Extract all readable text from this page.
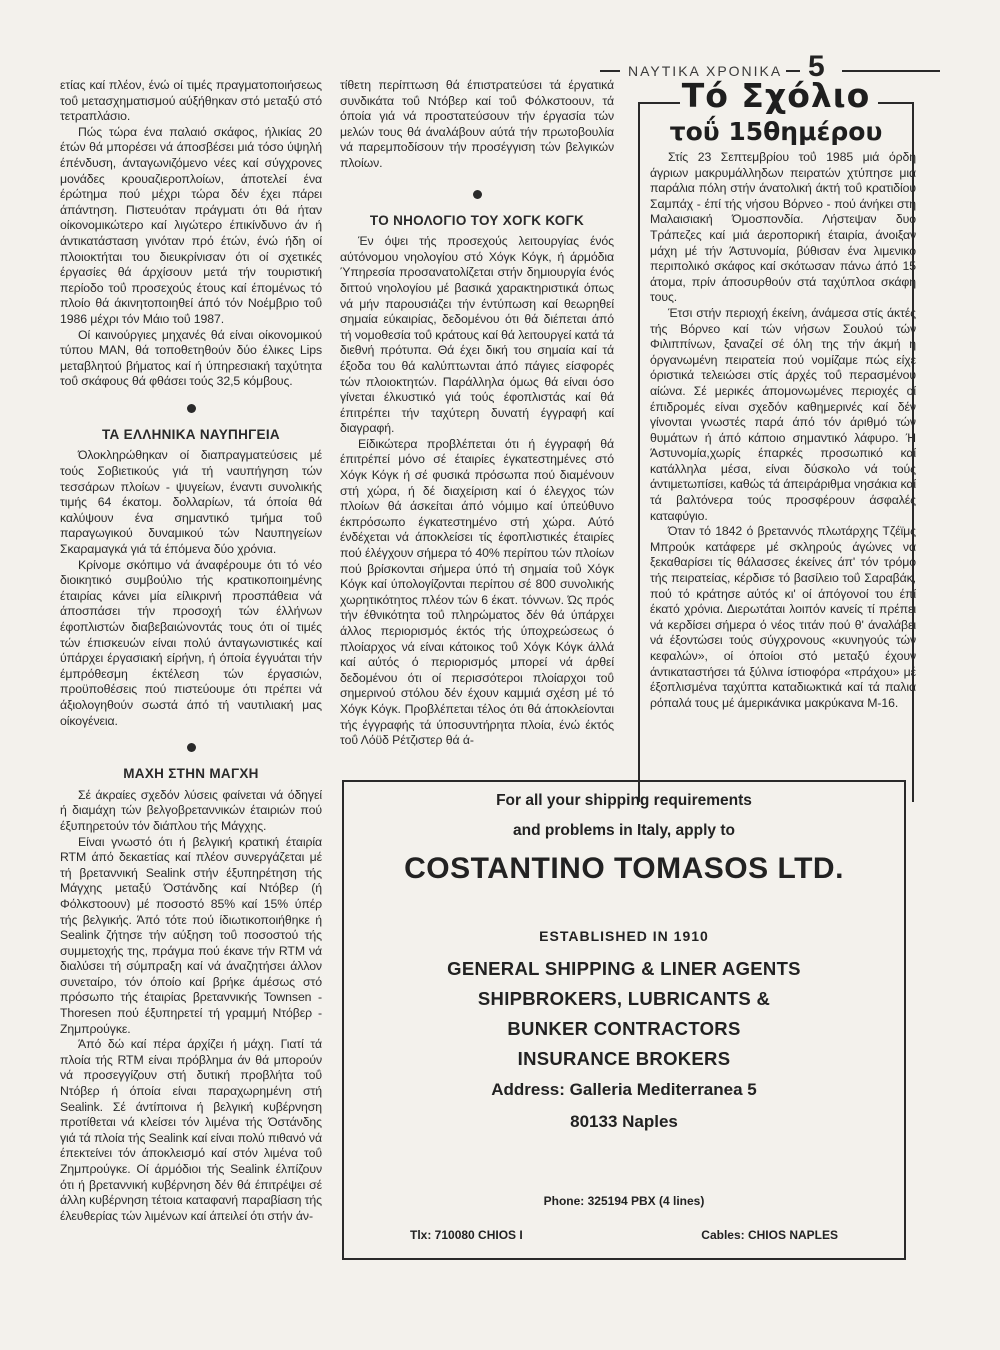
ΝΑΥΤΙΚΑ ΧΡΟΝΙΚΑ 5

ετίας καί πλέον, ένώ οί τιμές πραγματοποιήσεως τοΰ μετασχηματισμού αύξήθηκαν στό μεταξύ στό τετραπλάσιο.

Πώς τώρα ένα παλαιό σκάφος, ήλικίας 20 έτών θά μπορέσει νά άποσβέσει μιά τόσο ύψηλή έπένδυση, άνταγωνιζόμενο νέες καί σύγχρονες μονάδες κρουαζιεροπλοίων, άποτελεί ένα έρώτημα πού μέχρι τώρα δέν έχει πάρει άπάντηση. Πιστευόταν πράγματι ότι θά ήταν οίκονομικώτερο καί λιγώτερο έπικίνδυνο άν ή άντικατάσταση γινόταν πρό έτών, ένώ ήδη οί πλοιοκτήται του διευκρίνισαν ότι οί σχετικές έργασίες θά άρχίσουν μετά τήν τουριστική περίοδο τοΰ προσεχούς έτους καί έπομένως τό πλοίο θά άκινητοποιηθεί άπό τόν Νοέμβριο τοΰ 1986 μέχρι τόν Μάιο τοΰ 1987.

Οί καινούργιες μηχανές θά είναι οίκονομικού τύπου MAN, θά τοποθετηθούν δύο έλικες Lips μεταβλητού βήματος καί ή ύπηρεσιακή ταχύτητα τοΰ σκάφους θά φθάσει τούς 32,5 κόμβους.

ΤΑ ΕΛΛΗΝΙΚΑ ΝΑΥΠΗΓΕΙΑ

Όλοκληρώθηκαν οί διαπραγματεύσεις μέ τούς Σοβιετικούς γιά τή ναυπήγηση τών τεσσάρων πλοίων - ψυγείων, έναντι συνολικής τιμής 64 έκατομ. δολλαρίων, τά όποία θά καλύψουν ένα σημαντικό τμήμα τοΰ παραγωγικού δυναμικού τών Ναυπηγείων Σκαραμαγκά γιά τά έπόμενα δύο χρόνια.

Κρίνομε σκόπιμο νά άναφέρουμε ότι τό νέο διοικητικό συμβούλιο τής κρατικοποιημένης έταιρίας κάνει μία είλικρινή προσπάθεια νά άποσπάσει τήν προσοχή τών έλλήνων έφοπλιστών διαβεβαιώνοντάς τους ότι οί τιμές τών έπισκευών είναι πολύ άνταγωνιστικές καί ύπάρχει έργασιακή είρήνη, ή όποία έγγυάται τήν έμπρόθεσμη έκτέλεση τών έργασιών, προϋποθέσεις πού πιστεύουμε ότι πρέπει νά άξιολογηθούν σωστά άπό τή ναυτιλιακή μας οίκογένεια.

ΜΑΧΗ ΣΤΗΝ ΜΑΓΧΗ

Σέ άκραίες σχεδόν λύσεις φαίνεται νά όδηγεί ή διαμάχη τών βελγοβρεταννικών έταιριών πού έξυπηρετούν τόν διάπλου τής Μάγχης.

Είναι γνωστό ότι ή βελγική κρατική έταιρία RTM άπό δεκαετίας καί πλέον συνεργάζεται μέ τή βρεταννική Sealink στήν έξυπηρέτηση τής Μάγχης μεταξύ Όστάνδης καί Ντόβερ (ή Φόλκστοουν) μέ ποσοστό 85% καί 15% ύπέρ τής βελγικής. Άπό τότε πού ίδιωτικοποιήθηκε ή Sealink ζήτησε τήν αύξηση τοΰ ποσοστού τής συμμετοχής της, πράγμα πού έκανε τήν RTM νά διαλύσει τή σύμπραξη καί νά άναζητήσει άλλον συνεταίρο, τόν όποίο καί βρήκε άμέσως στό πρόσωπο τής έταιρίας βρεταννικής Townsen - Thoresen πού έξυπηρετεί τή γραμμή Ντόβερ - Ζημπρούγκε.

Άπό δώ καί πέρα άρχίζει ή μάχη. Γιατί τά πλοία τής RTM είναι πρόβλημα άν θά μπορούν νά προσεγγίζουν στή δυτική προβλήτα τοΰ Ντόβερ ή όποία είναι παραχωρημένη στή Sealink. Σέ άντίποινα ή βελγική κυβέρνηση προτίθεται νά κλείσει τόν λιμένα τής Όστάνδης γιά τά πλοία τής Sealink καί είναι πολύ πιθανό νά έπεκτείνει τόν άποκλεισμό καί στόν λιμένα τοΰ Ζημπρούγκε. Οί άρμόδιοι τής Sealink έλπίζουν ότι ή βρεταννική κυβέρνηση δέν θά έπιτρέψει σέ άλλη κυβέρνηση τέτοια καταφανή παραβίαση τής έλευθερίας τών λιμένων καί άπειλεί ότι στήν άν-

τίθετη περίπτωση θά έπιστρατεύσει τά έργατικά συνδικάτα τοΰ Ντόβερ καί τοΰ Φόλκστοουν, τά όποία γιά νά προστατεύσουν τήν έργασία τών μελών τους θά άναλάβουν αύτά τήν πρωτοβουλία νά παρεμποδίσουν τήν προσέγγιση τών βελγικών πλοίων.

ΤΟ ΝΗΟΛΟΓΙΟ ΤΟΥ ΧΟΓΚ ΚΟΓΚ

Έν όψει τής προσεχούς λειτουργίας ένός αύτόνομου νηολογίου στό Χόγκ Κόγκ, ή άρμόδια Ύπηρεσία προσανατολίζεται στήν δημιουργία ένός διττού νηολογίου μέ βασικά χαρακτηριστικά όπως νά μήν παρουσιάζει τήν έντύπωση καί θεωρηθεί σημαία εύκαιρίας, δεδομένου ότι θά διέπεται άπό τή νομοθεσία τοΰ κράτους καί θά λειτουργεί κατά τά διεθνή πρότυπα. Θά έχει δική του σημαία καί τά έξοδα του θά καλύπτωνται άπό πάγιες είσφορές τών πλοιοκτητών. Παράλληλα όμως θά είναι όσο γίνεται έλκυστικό γιά τούς έφοπλιστάς καί θά έπιτρέπει τήν ταχύτερη δυνατή έγγραφή καί διαγραφή.

Είδικώτερα προβλέπεται ότι ή έγγραφή θά έπιτρέπεί μόνο σέ έταιρίες έγκατεστημένες στό Χόγκ Κόγκ ή σέ φυσικά πρόσωπα πού διαμένουν στή χώρα, ή δέ διαχείριση καί ό έλεγχος τών πλοίων θά άσκείται άπό νόμιμο καί ύπεύθυνο έκπρόσωπο έγκατεστημένο στή χώρα. Αύτό ένδέχεται νά άποκλείσει τίς έφοπλιστικές έταιρίες πού έλέγχουν σήμερα τό 40% περίπου τών πλοίων πού βρίσκονται σήμερα ύπό τή σημαία τοΰ Χόγκ Κόγκ καί ύπολογίζονται περίπου σέ 800 συνολικής χωρητικότητος πλέον τών 6 έκατ. τόννων. Ώς πρός τήν έθνικότητα τοΰ πληρώματος δέν θά ύπάρχει άλλος περιορισμός έκτός τής ύποχρεώσεως ό πλοίαρχος νά είναι κάτοικος τοΰ Χόγκ Κόγκ άλλά καί αύτός ό περιορισμός μπορεί νά άρθεί δεδομένου ότι οί περισσότεροι πλοίαρχοι τοΰ σημερινού στόλου δέν έχουν καμμιά σχέση μέ τό Χόγκ Κόγκ. Προβλέπεται τέλος ότι θά άποκλείονται τής έγγραφής τά ύποσυντήρητα πλοία, ένώ έκτός τοΰ Λόϋδ Ρέτζιστερ θά ά-

Τό Σχόλιο
τοΰ 15θημέρου

Στίς 23 Σεπτεμβρίου τοΰ 1985 μιά όρδή άγριων μακρυμάλληδων πειρατών χτύπησε μιά παράλια πόλη στήν άνατολική άκτή τοΰ κρατιδίου Σαμπάχ - έπί τής νήσου Βόρνεο - πού άνήκει στή Μαλαισιακή Όμοσπονδία. Λήστεψαν δυό Τράπεζες καί μιά άεροπορική έταιρία, άνοιξαν μάχη μέ τήν Άστυνομία, βύθισαν ένα λιμενικό περιπολικό σκάφος καί σκότωσαν πάνω άπό 15 άτομα, πρίν άποσυρθούν στά ταχύπλοα σκάφη τους.

Έτσι στήν περιοχή έκείνη, άνάμεσα στίς άκτές τής Βόρνεο καί τών νήσων Σουλού τών Φιλιππίνων, ξαναζεί σέ όλη της τήν άκμή ή όργανωμένη πειρατεία πού νομίζαμε πώς είχε όριστικά τελειώσει στίς άρχές τοΰ περασμένου αίώνα. Σέ μερικές άπομονωμένες περιοχές οί έπιδρομές είναι σχεδόν καθημερινές καί δέν γίνονται γνωστές παρά άπό τόν άριθμό τών θυμάτων ή άπό κάποιο σημαντικό λάφυρο. Ή Άστυνομία,χωρίς έπαρκές προσωπικό καί κατάλληλα μέσα, είναι δύσκολο νά τούς άντιμετωπίσει, καθώς τά άπειράριθμα νησάκια καί τά βαλτόνερα τούς προσφέρουν άσφαλές καταφύγιο.

Όταν τό 1842 ό βρεταννός πλωτάρχης Τζέϊμς Μπρούκ κατάφερε μέ σκληρούς άγώνες νά ξεκαθαρίσει τίς θάλασσες έκείνες άπ' τόν τρόμο τής πειρατείας, κέρδισε τό βασίλειο τοΰ Σαραβάκ, πού τό κράτησε αύτός κι' οί άπόγονοί του έπί έκατό χρόνια. Διερωτάται λοιπόν κανείς τί πρέπει νά κερδίσει σήμερα ό νέος τιτάν πού θ' άναλάβει νά έξοντώσει τούς σύγχρονους «κυνηγούς τών κεφαλών», οί όποίοι στό μεταξύ έχουν άντικαταστήσει τά ξύλινα ίστιοφόρα «πράχου» μέ έξοπλισμένα ταχύπτα καταδιωκτικά καί τά παλιά ρόπαλά τους μέ άμερικάνικα μακρύκανα Μ-16.

For all your shipping requirements
and problems in Italy, apply to
COSTANTINO TOMASOS LTD.
ESTABLISHED IN 1910
GENERAL SHIPPING & LINER AGENTS
SHIPBROKERS, LUBRICANTS &
BUNKER CONTRACTORS
INSURANCE BROKERS
Address: Galleria Mediterranea 5
80133 Naples
Phone: 325194 PBX (4 lines)
Tlx: 710080 CHIOS I	Cables: CHIOS NAPLES
